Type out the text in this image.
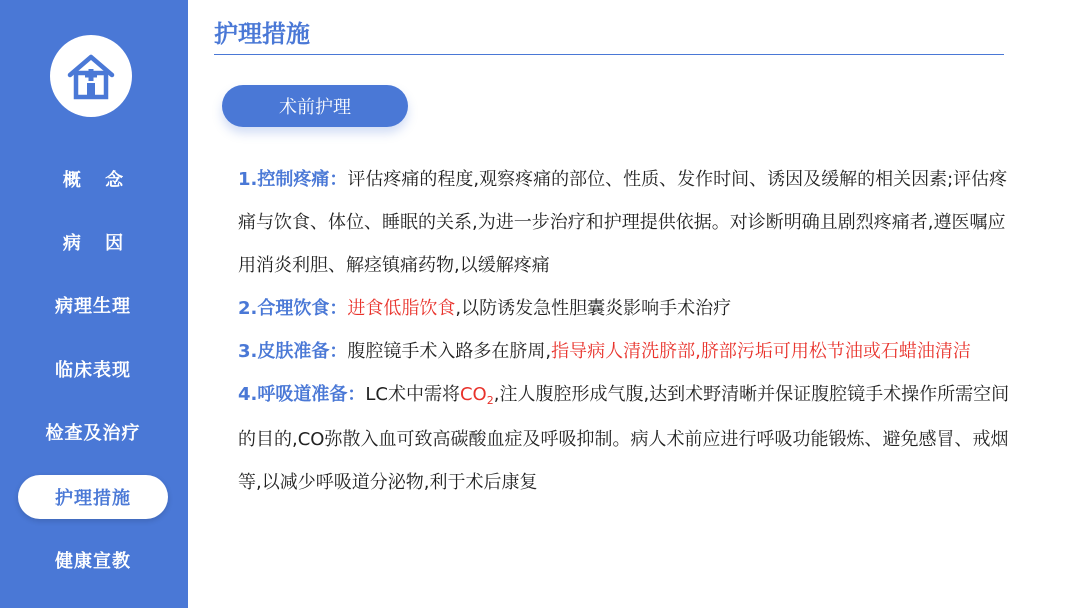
概 念
病 因
病理生理
临床表现
检查及治疗
护理措施
健康宣教
护理措施
术前护理

1.控制疼痛：评估疼痛的程度,观察疼痛的部位、性质、发作时间、诱因及缓解的相关因素;评估疼痛与饮食、体位、睡眠的关系,为进一步治疗和护理提供依据。对诊断明确且剧烈疼痛者,遵医嘱应用消炎利胆、解痉镇痛药物,以缓解疼痛

2.合理饮食：进食低脂饮食,以防诱发急性胆囊炎影响手术治疗

3.皮肤准备：腹腔镜手术入路多在脐周,指导病人清洗脐部,脐部污垢可用松节油或石蜡油清洁

4.呼吸道准备：LC术中需将$CO_2$,注人腹腔形成气腹,达到术野清晰并保证腹腔镜手术操作所需空间的目的,CO弥散入血可致高碳酸血症及呼吸抑制。病人术前应进行呼吸功能锻炼、避免感冒、戒烟等,以减少呼吸道分泌物,利于术后康复
